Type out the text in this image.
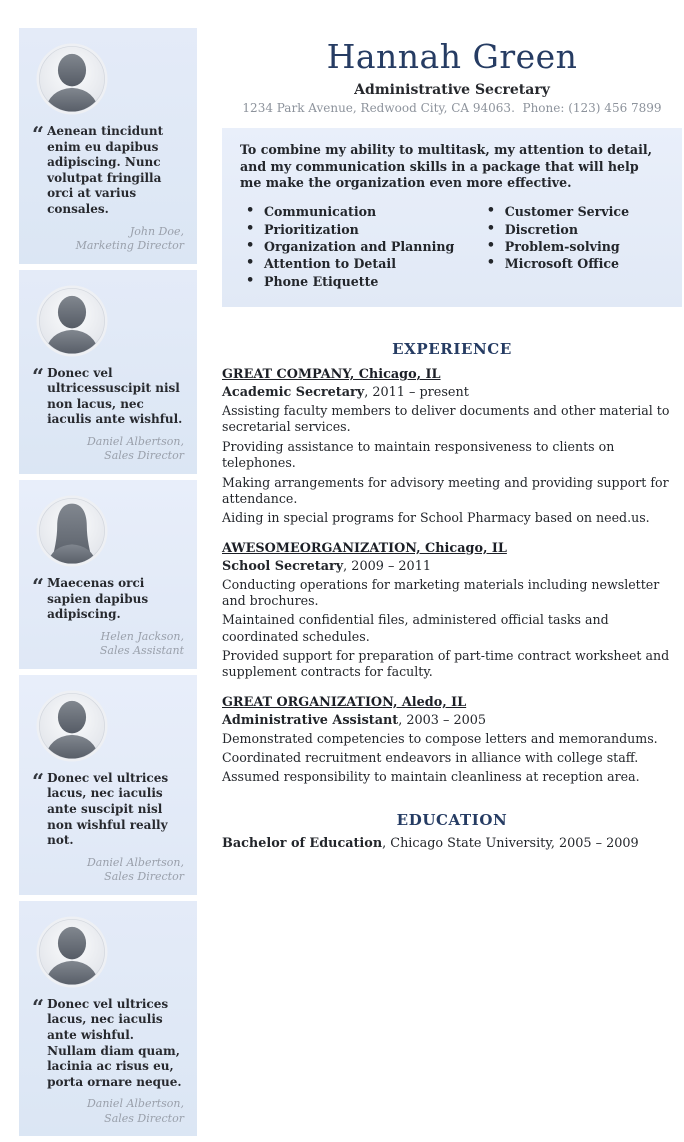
“ Aenean tincidunt enim eu dapibus adipiscing. Nunc volutpat fringilla orci at varius consales.

John Doe,
Marketing Director
“ Donec vel ultricessuscipit nisl non lacus, nec iaculis ante wishful.

Daniel Albertson,
Sales Director
“ Maecenas orci sapien dapibus adipiscing.

Helen Jackson,
Sales Assistant
“ Donec vel ultrices lacus, nec iaculis ante suscipit nisl non wishful really not.

Daniel Albertson,
Sales Director
“ Donec vel ultrices lacus, nec iaculis ante wishful. Nullam diam quam, lacinia ac risus eu, porta ornare neque.

Daniel Albertson,
Sales Director
Hannah Green
Administrative Secretary
1234 Park Avenue, Redwood City, CA 94063.  Phone: (123) 456 7899

To combine my ability to multitask, my attention to detail, and my communication skills in a package that will help me make the organization even more effective.

• Communication
• Prioritization
• Organization and Planning
• Attention to Detail
• Phone Etiquette
• Customer Service
• Discretion
• Problem-solving
• Microsoft Office
EXPERIENCE
GREAT COMPANY, Chicago, IL
Academic Secretary, 2011 – present

Assisting faculty members to deliver documents and other material to secretarial services.

Providing assistance to maintain responsiveness to clients on telephones.

Making arrangements for advisory meeting and providing support for attendance.

Aiding in special programs for School Pharmacy based on need.us.

AWESOMEORGANIZATION, Chicago, IL
School Secretary, 2009 – 2011

Conducting operations for marketing materials including newsletter and brochures.

Maintained confidential files, administered official tasks and coordinated schedules.

Provided support for preparation of part-time contract worksheet and supplement contracts for faculty.

GREAT ORGANIZATION, Aledo, IL
Administrative Assistant, 2003 – 2005

Demonstrated competencies to compose letters and memorandums.

Coordinated recruitment endeavors in alliance with college staff.

Assumed responsibility to maintain cleanliness at reception area.

EDUCATION
Bachelor of Education, Chicago State University, 2005 – 2009
